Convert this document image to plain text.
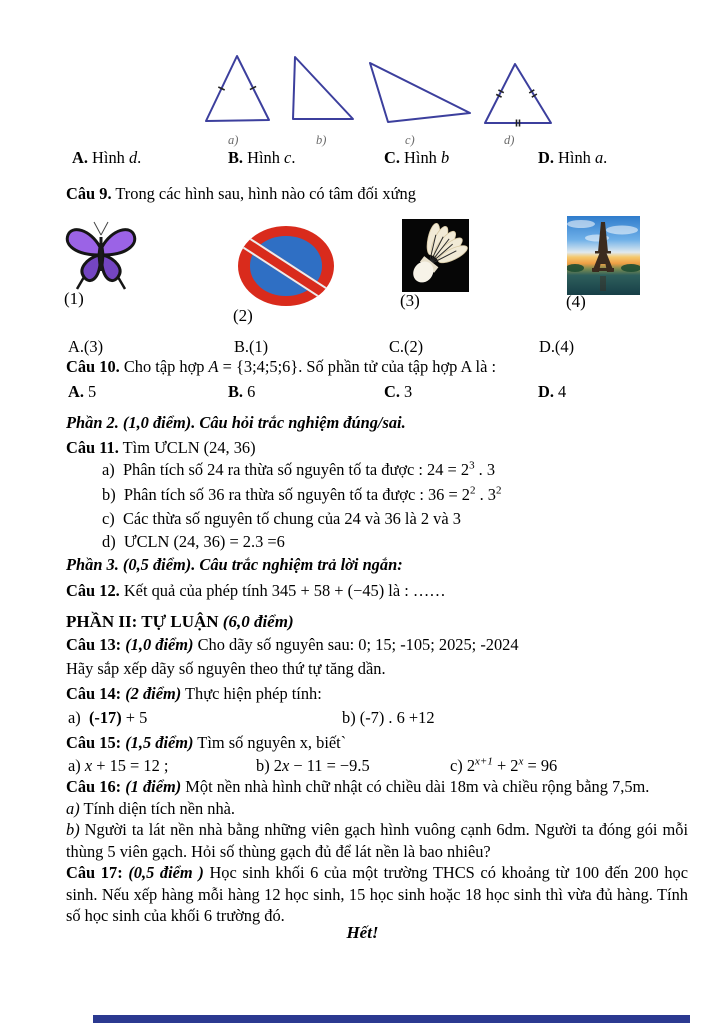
a)	b)	c)	d)
A. Hình d.	B. Hình c.	C. Hình b	D. Hình a.
Câu 9. Trong các hình sau, hình nào có tâm đối xứng
(1)
(2)
(3)	(4)
A.(3)	B.(1)	C.(2)	D.(4)
Câu 10. Cho tập hợp A = {3;4;5;6}. Số phần tử của tập hợp A là :
A. 5	B. 6	C. 3	D. 4
Phần 2. (1,0 điểm). Câu hỏi trắc nghiệm đúng/sai.
Câu 11. Tìm ƯCLN (24, 36)
a) Phân tích số 24 ra thừa số nguyên tố ta được : $24 = 2^3$ . 3
b) Phân tích số 36 ra thừa số nguyên tố ta được : $36 = 2^2$ . $3^2$
c) Các thừa số nguyên tố chung của 24 và 36 là 2 và 3
d) ƯCLN (24, 36) = 2.3 =6
Phần 3. (0,5 điểm). Câu trắc nghiệm trả lời ngắn:
Câu 12. Kết quả của phép tính 345 + 58 + (−45) là : ……
PHẦN II: TỰ LUẬN (6,0 điểm)
Câu 13: (1,0 điểm) Cho dãy số nguyên sau: 0; 15; -105; 2025; -2024
Hãy sắp xếp dãy số nguyên theo thứ tự tăng dần.
Câu 14: (2 điểm) Thực hiện phép tính:
a) (-17) + 5	b) (-7) . 6 +12
Câu 15: (1,5 điểm) Tìm số nguyên x, biết`
a) x + 15 = 12 ;	b) 2x − 11 = −9.5	c) $2^{x+1} + 2^x = 96$
Câu 16: (1 điểm) Một nền nhà hình chữ nhật có chiều dài 18m và chiều rộng bằng 7,5m.
a) Tính diện tích nền nhà.
b) Người ta lát nền nhà bằng những viên gạch hình vuông cạnh 6dm. Người ta đóng gói mỗi thùng 5 viên gạch. Hỏi số thùng gạch đủ để lát nền là bao nhiêu?
Câu 17: (0,5 điểm ) Học sinh khối 6 của một trường THCS có khoảng từ 100 đến 200 học sinh. Nếu xếp hàng mỗi hàng 12 học sinh, 15 học sinh hoặc 18 học sinh thì vừa đủ hàng. Tính số học sinh của khối 6 trường đó.
Hết!
